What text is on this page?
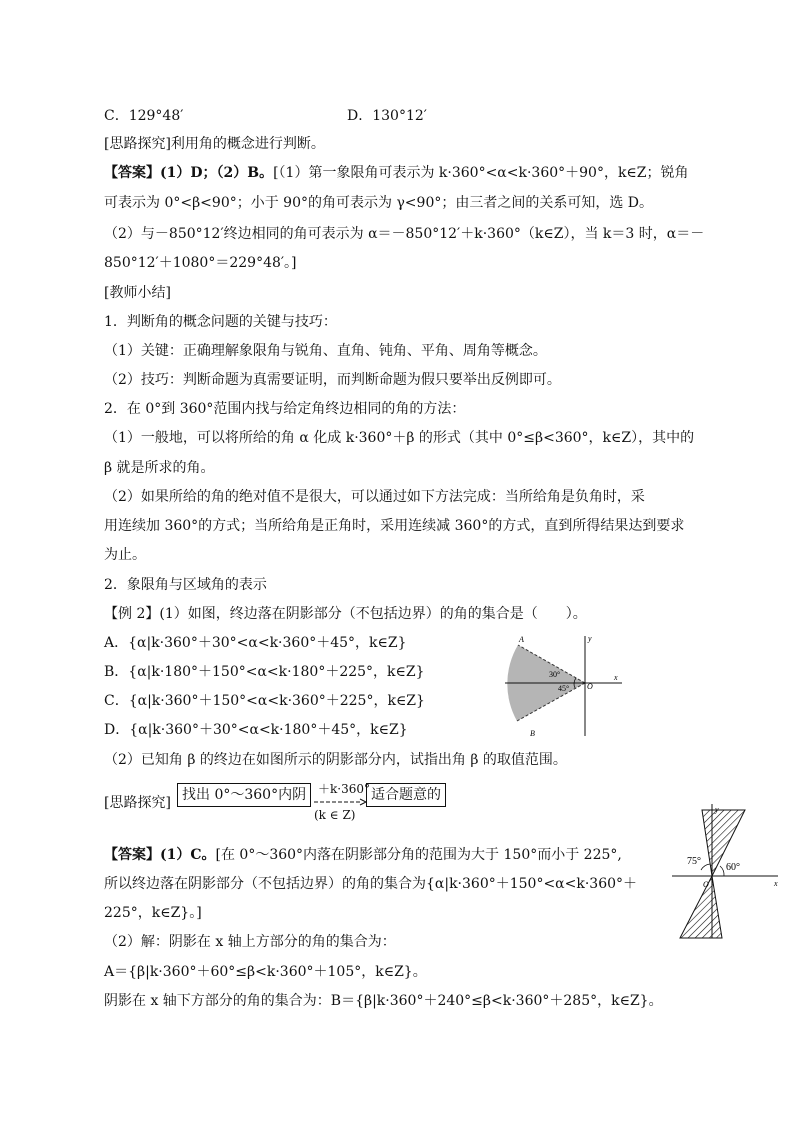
C．129°48′	D．130°12′
[思路探究]利用角的概念进行判断。
【答案】(1）D；（2）B。[（1）第一象限角可表示为 k·360°<α<k·360°＋90°，k∈Z；锐角
可表示为 0°<β<90°；小于 90°的角可表示为 γ<90°；由三者之间的关系可知，选 D。
（2）与－850°12′终边相同的角可表示为 α＝－850°12′＋k·360°（k∈Z），当 k＝3 时，α＝－
850°12′＋1080°＝229°48′。]
[教师小结]
1．判断角的概念问题的关键与技巧：
（1）关键：正确理解象限角与锐角、直角、钝角、平角、周角等概念。
（2）技巧：判断命题为真需要证明，而判断命题为假只要举出反例即可。
2．在 0°到 360°范围内找与给定角终边相同的角的方法：
（1）一般地，可以将所给的角 α 化成 k·360°＋β 的形式（其中 0°≤β<360°，k∈Z），其中的
β 就是所求的角。
（2）如果所给的角的绝对值不是很大，可以通过如下方法完成：当所给角是负角时，采
用连续加 360°的方式；当所给角是正角时，采用连续减 360°的方式，直到所得结果达到要求
为止。
2．象限角与区域角的表示
【例 2】(1）如图，终边落在阴影部分（不包括边界）的角的集合是（　　）。
A．{α|k·360°＋30°<α<k·360°＋45°，k∈Z}
B．{α|k·180°＋150°<α<k·180°＋225°，k∈Z}
C．{α|k·360°＋150°<α<k·360°＋225°，k∈Z}
D．{α|k·360°＋30°<α<k·180°＋45°，k∈Z}
（2）已知角 β 的终边在如图所示的阴影部分内，试指出角 β 的取值范围。
A
B
O
x
y
30°
45°
[思路探究] 找出 0°～360°内阴 ＋k·360°
(k ∈ Z)
适合题意的
【答案】(1）C。[在 0°～360°内落在阴影部分角的范围为大于 150°而小于 225°,
所以终边落在阴影部分（不包括边界）的角的集合为{α|k·360°＋150°<α<k·360°＋
225°，k∈Z}。]
（2）解：阴影在 x 轴上方部分的角的集合为：
A＝{β|k·360°＋60°≤β<k·360°＋105°，k∈Z}。
阴影在 x 轴下方部分的角的集合为：B＝{β|k·360°＋240°≤β<k·360°＋285°，k∈Z}。
y
x
O
75°
60°
